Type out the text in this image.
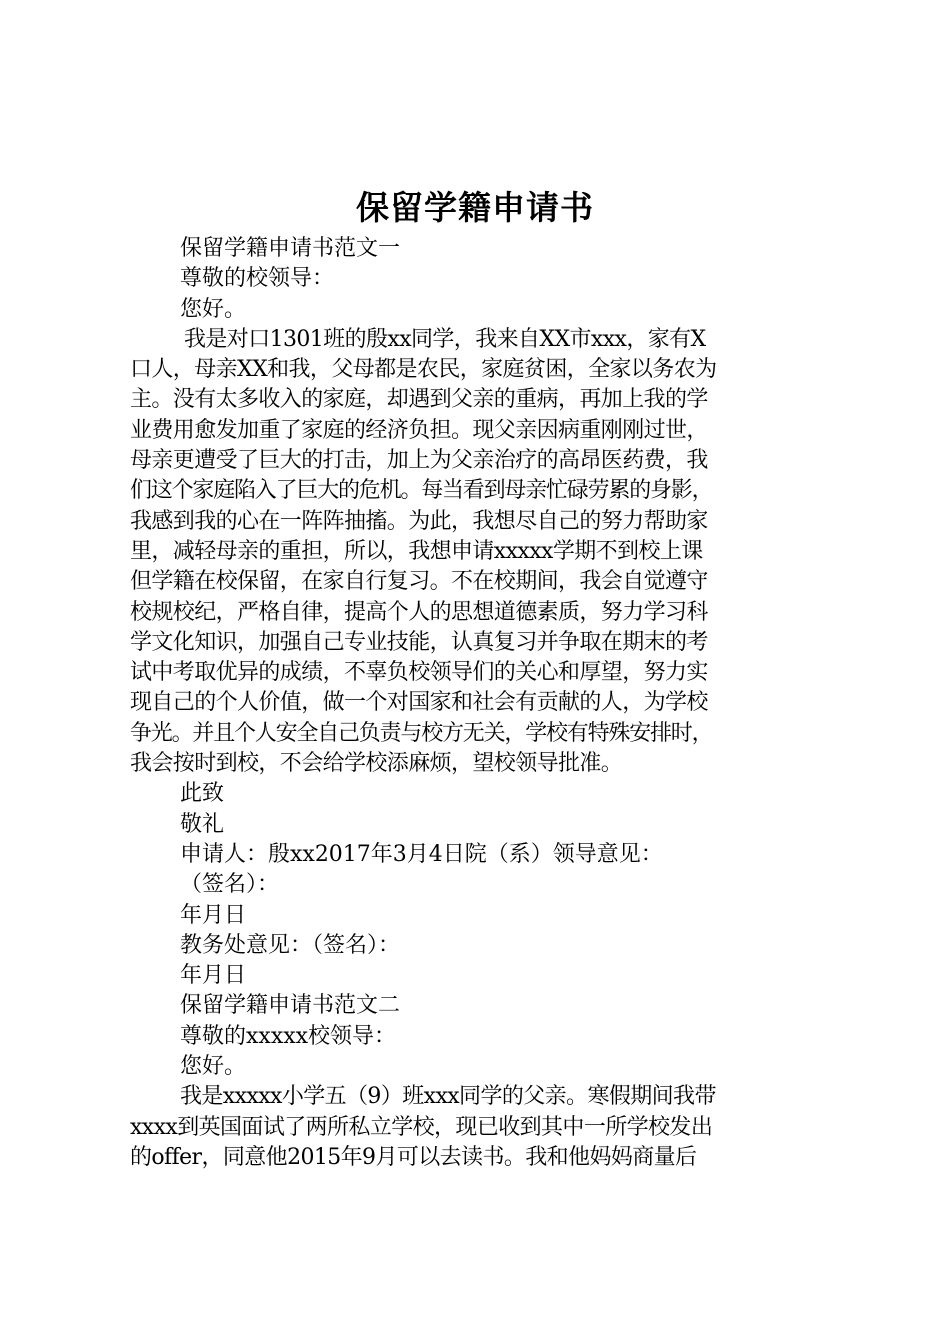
保留学籍申请书
保留学籍申请书范文一
尊敬的校领导：
您好。
我是对口1301班的殷xx同学，我来自XX市xxx，家有X
口人，母亲XX和我，父母都是农民，家庭贫困，全家以务农为
主。没有太多收入的家庭，却遇到父亲的重病，再加上我的学
业费用愈发加重了家庭的经济负担。现父亲因病重刚刚过世，
母亲更遭受了巨大的打击，加上为父亲治疗的高昂医药费，我
们这个家庭陷入了巨大的危机。每当看到母亲忙碌劳累的身影，
我感到我的心在一阵阵抽搐。为此，我想尽自己的努力帮助家
里，减轻母亲的重担，所以，我想申请xxxxx学期不到校上课
但学籍在校保留，在家自行复习。不在校期间，我会自觉遵守
校规校纪，严格自律，提高个人的思想道德素质，努力学习科
学文化知识，加强自己专业技能，认真复习并争取在期末的考
试中考取优异的成绩，不辜负校领导们的关心和厚望，努力实
现自己的个人价值，做一个对国家和社会有贡献的人，为学校
争光。并且个人安全自己负责与校方无关，学校有特殊安排时，
我会按时到校，不会给学校添麻烦，望校领导批准。
此致
敬礼
申请人：殷xx2017年3月4日院（系）领导意见：
（签名）：
年月日
教务处意见：（签名）：
年月日
保留学籍申请书范文二
尊敬的xxxxx校领导：
您好。
我是xxxxx小学五（9）班xxx同学的父亲。寒假期间我带
xxxx到英国面试了两所私立学校，现已收到其中一所学校发出
的offer，同意他2015年9月可以去读书。我和他妈妈商量后
